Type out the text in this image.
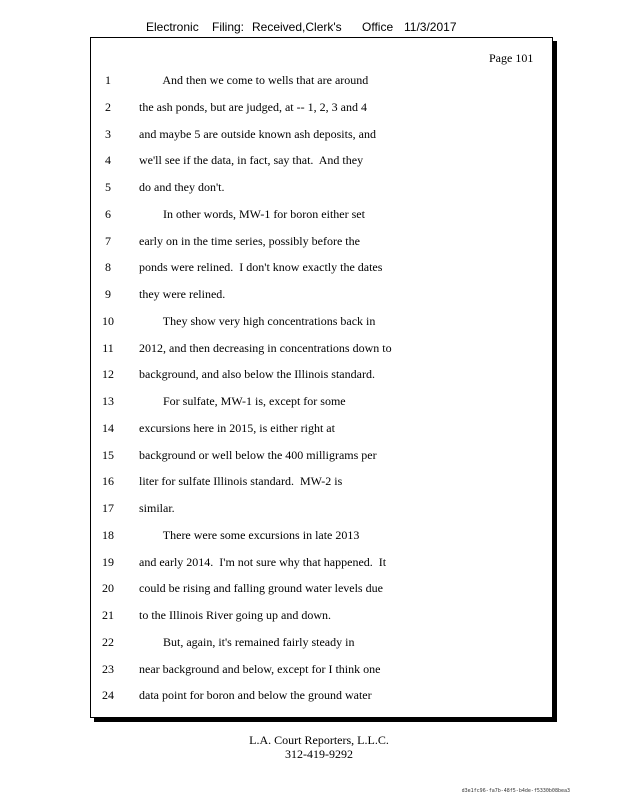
Electronic Filing: Received,Clerk's Office 11/3/2017
Page 101
1	And then we come to wells that are around
2	the ash ponds, but are judged, at -- 1, 2, 3 and 4
3	and maybe 5 are outside known ash deposits, and
4	we'll see if the data, in fact, say that.  And they
5	do and they don't.
6	In other words, MW-1 for boron either set
7	early on in the time series, possibly before the
8	ponds were relined.  I don't know exactly the dates
9	they were relined.
10	They show very high concentrations back in
11	2012, and then decreasing in concentrations down to
12	background, and also below the Illinois standard.
13	For sulfate, MW-1 is, except for some
14	excursions here in 2015, is either right at
15	background or well below the 400 milligrams per
16	liter for sulfate Illinois standard.  MW-2 is
17	similar.
18	There were some excursions in late 2013
19	and early 2014.  I'm not sure why that happened.  It
20	could be rising and falling ground water levels due
21	to the Illinois River going up and down.
22	But, again, it's remained fairly steady in
23	near background and below, except for I think one
24	data point for boron and below the ground water
L.A. Court Reporters, L.L.C.
312-419-9292
d3e1fc96-fa7b-48f5-b4de-f5330b08bea3
